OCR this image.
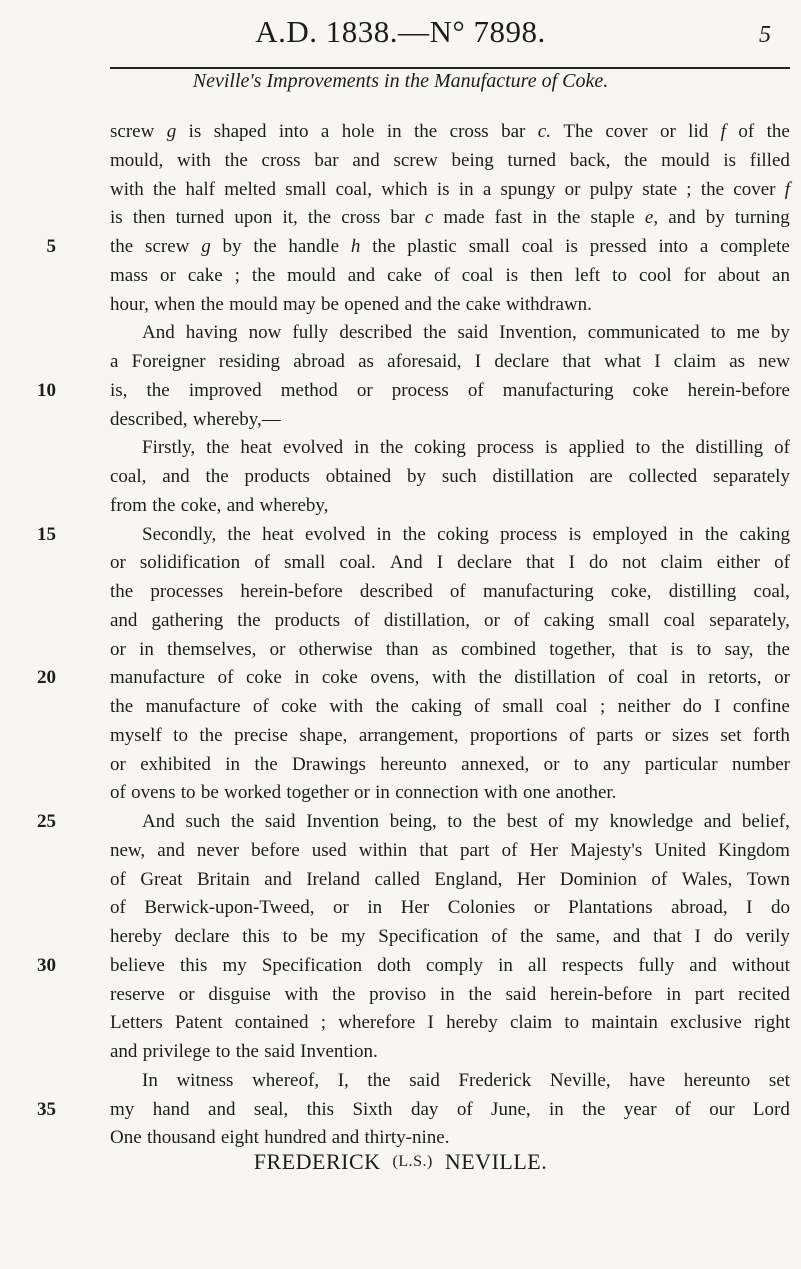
A.D. 1838.—N° 7898.	5
Neville's Improvements in the Manufacture of Coke.
screw g is shaped into a hole in the cross bar c. The cover or lid f of the
mould, with the cross bar and screw being turned back, the mould is filled
with the half melted small coal, which is in a spungy or pulpy state ; the cover f
is then turned upon it, the cross bar c made fast in the staple e, and by turning
5	the screw g by the handle h the plastic small coal is pressed into a complete
mass or cake ; the mould and cake of coal is then left to cool for about an
hour, when the mould may be opened and the cake withdrawn.
And having now fully described the said Invention, communicated to me by
a Foreigner residing abroad as aforesaid, I declare that what I claim as new
10	is, the improved method or process of manufacturing coke herein-before
described, whereby,—
Firstly, the heat evolved in the coking process is applied to the distilling of
coal, and the products obtained by such distillation are collected separately
from the coke, and whereby,
15	Secondly, the heat evolved in the coking process is employed in the caking
or solidification of small coal. And I declare that I do not claim either of
the processes herein-before described of manufacturing coke, distilling coal,
and gathering the products of distillation, or of caking small coal separately,
or in themselves, or otherwise than as combined together, that is to say, the
20	manufacture of coke in coke ovens, with the distillation of coal in retorts, or
the manufacture of coke with the caking of small coal ; neither do I confine
myself to the precise shape, arrangement, proportions of parts or sizes set forth
or exhibited in the Drawings hereunto annexed, or to any particular number
of ovens to be worked together or in connection with one another.
25	And such the said Invention being, to the best of my knowledge and belief,
new, and never before used within that part of Her Majesty's United Kingdom
of Great Britain and Ireland called England, Her Dominion of Wales, Town
of Berwick-upon-Tweed, or in Her Colonies or Plantations abroad, I do
hereby declare this to be my Specification of the same, and that I do verily
30	believe this my Specification doth comply in all respects fully and without
reserve or disguise with the proviso in the said herein-before in part recited
Letters Patent contained ; wherefore I hereby claim to maintain exclusive right
and privilege to the said Invention.
In witness whereof, I, the said Frederick Neville, have hereunto set
35	my hand and seal, this Sixth day of June, in the year of our Lord
One thousand eight hundred and thirty-nine.
FREDERICK (L.S.) NEVILLE.
